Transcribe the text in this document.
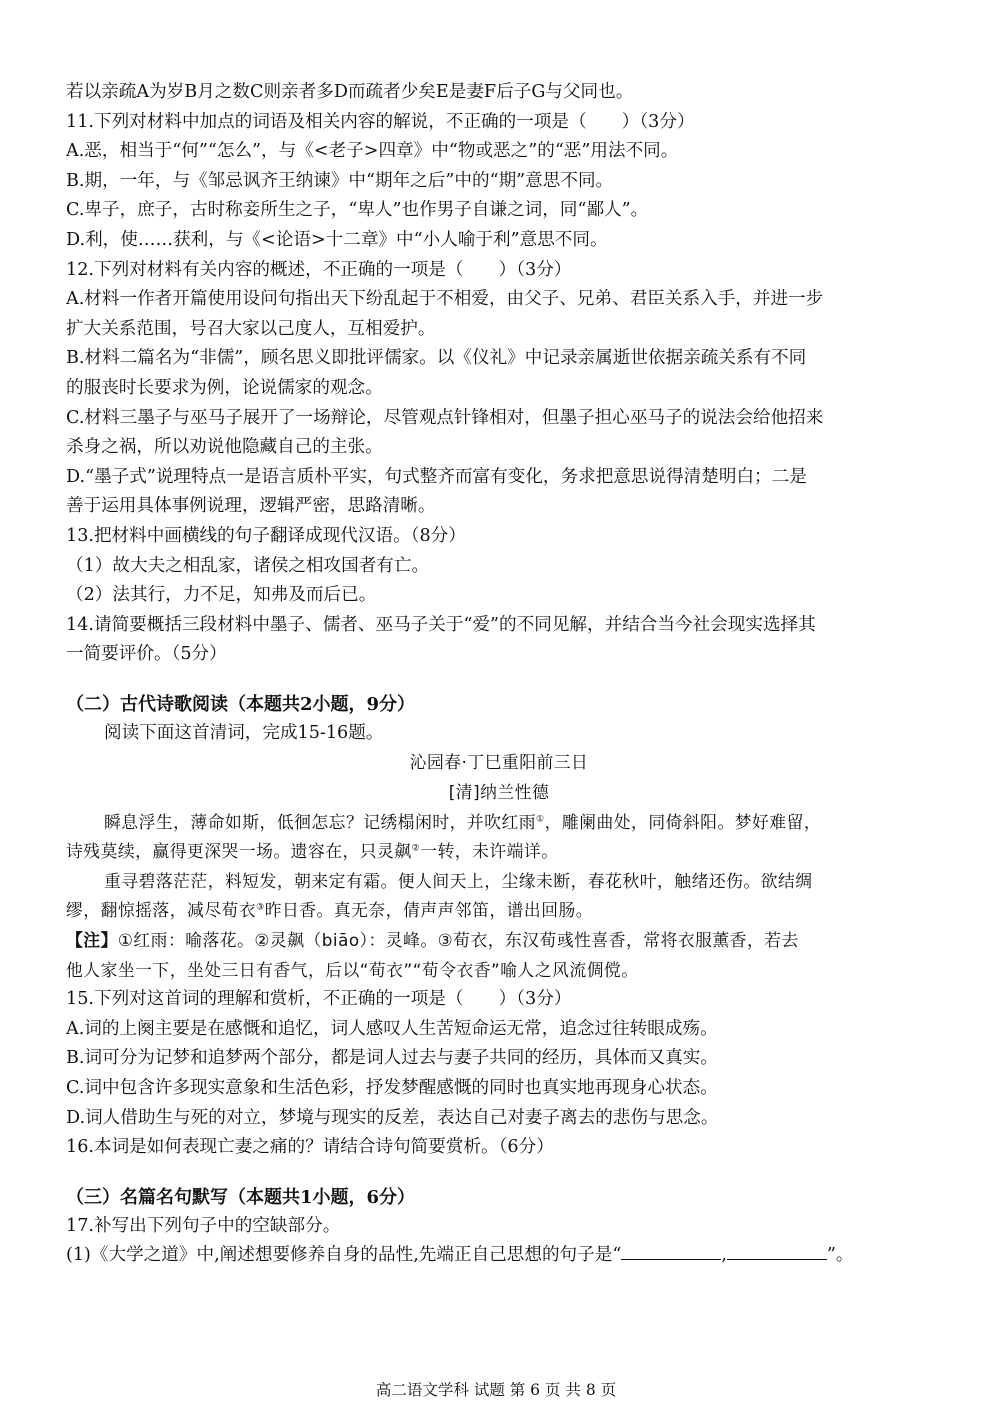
若以亲疏A为岁B月之数C则亲者多D而疏者少矣E是妻F后子G与父同也。
11.下列对材料中加点的词语及相关内容的解说，不正确的一项是（　　）（3分）
A.恶，相当于“何”“怎么”，与《<老子>四章》中“物或恶之”的“恶”用法不同。
B.期，一年，与《邹忌讽齐王纳谏》中“期年之后”中的“期”意思不同。
C.卑子，庶子，古时称妾所生之子，“卑人”也作男子自谦之词，同“鄙人”。
D.利，使……获利，与《<论语>十二章》中“小人喻于利”意思不同。
12.下列对材料有关内容的概述，不正确的一项是（　　）（3分）
A.材料一作者开篇使用设问句指出天下纷乱起于不相爱，由父子、兄弟、君臣关系入手，并进一步
扩大关系范围，号召大家以己度人，互相爱护。
B.材料二篇名为“非儒”，顾名思义即批评儒家。以《仪礼》中记录亲属逝世依据亲疏关系有不同
的服丧时长要求为例，论说儒家的观念。
C.材料三墨子与巫马子展开了一场辩论，尽管观点针锋相对，但墨子担心巫马子的说法会给他招来
杀身之祸，所以劝说他隐藏自己的主张。
D.“墨子式”说理特点一是语言质朴平实，句式整齐而富有变化，务求把意思说得清楚明白；二是
善于运用具体事例说理，逻辑严密，思路清晰。
13.把材料中画横线的句子翻译成现代汉语。（8分）
（1）故大夫之相乱家，诸侯之相攻国者有亡。
（2）法其行，力不足，知弗及而后已。
14.请简要概括三段材料中墨子、儒者、巫马子关于“爱”的不同见解，并结合当今社会现实选择其
一简要评价。（5分）
（二）古代诗歌阅读（本题共2小题，9分）
阅读下面这首清词，完成15-16题。
沁园春·丁巳重阳前三日
[清]纳兰性德
瞬息浮生，薄命如斯，低徊怎忘？记绣榻闲时，并吹红雨①，雕阑曲处，同倚斜阳。梦好难留，
诗残莫续，赢得更深哭一场。遗容在，只灵飙②一转，未许端详。
重寻碧落茫茫，料短发，朝来定有霜。便人间天上，尘缘未断，春花秋叶，触绪还伤。欲结绸
缪，翻惊摇落，减尽荀衣③昨日香。真无奈，倩声声邻笛，谱出回肠。
【注】①红雨：喻落花。②灵飙（biāo）：灵峰。③荀衣，东汉荀彧性喜香，常将衣服薰香，若去
他人家坐一下，坐处三日有香气，后以“荀衣”“荀令衣香”喻人之风流倜傥。
15.下列对这首词的理解和赏析，不正确的一项是（　　）（3分）
A.词的上阕主要是在感慨和追忆，词人感叹人生苦短命运无常，追念过往转眼成殇。
B.词可分为记梦和追梦两个部分，都是词人过去与妻子共同的经历，具体而又真实。
C.词中包含许多现实意象和生活色彩，抒发梦醒感慨的同时也真实地再现身心状态。
D.词人借助生与死的对立，梦境与现实的反差，表达自己对妻子离去的悲伤与思念。
16.本词是如何表现亡妻之痛的？请结合诗句简要赏析。（6分）
（三）名篇名句默写（本题共1小题，6分）
17.补写出下列句子中的空缺部分。
(1)《大学之道》中,阐述想要修养自身的品性,先端正自己思想的句子是“	,	”。
高二语文学科 试题 第 6 页 共 8 页
